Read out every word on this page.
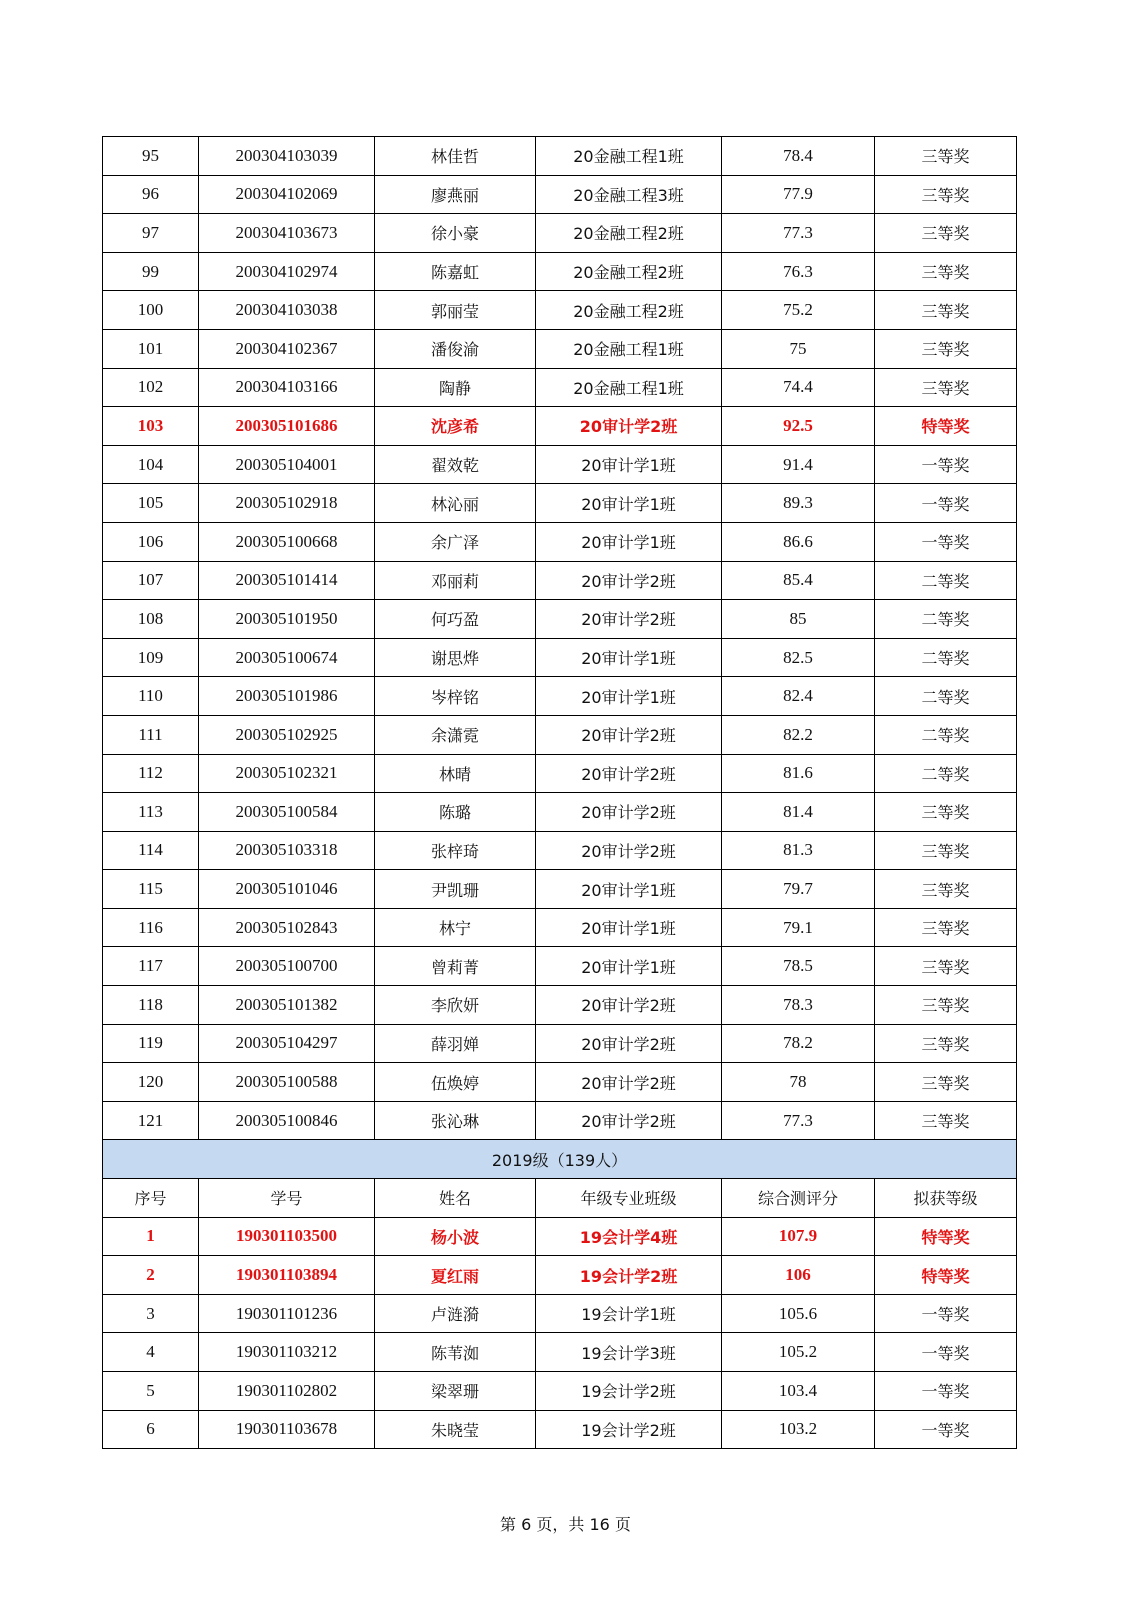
95	200304103039	林佳哲	20金融工程1班	78.4	三等奖
96	200304102069	廖燕丽	20金融工程3班	77.9	三等奖
97	200304103673	徐小豪	20金融工程2班	77.3	三等奖
99	200304102974	陈嘉虹	20金融工程2班	76.3	三等奖
100	200304103038	郭丽莹	20金融工程2班	75.2	三等奖
101	200304102367	潘俊渝	20金融工程1班	75	三等奖
102	200304103166	陶静	20金融工程1班	74.4	三等奖
103	200305101686	沈彦希	20审计学2班	92.5	特等奖
104	200305104001	翟效乾	20审计学1班	91.4	一等奖
105	200305102918	林沁丽	20审计学1班	89.3	一等奖
106	200305100668	余广泽	20审计学1班	86.6	一等奖
107	200305101414	邓丽莉	20审计学2班	85.4	二等奖
108	200305101950	何巧盈	20审计学2班	85	二等奖
109	200305100674	谢思烨	20审计学1班	82.5	二等奖
110	200305101986	岑梓铭	20审计学1班	82.4	二等奖
111	200305102925	余潇霓	20审计学2班	82.2	二等奖
112	200305102321	林晴	20审计学2班	81.6	二等奖
113	200305100584	陈璐	20审计学2班	81.4	三等奖
114	200305103318	张梓琦	20审计学2班	81.3	三等奖
115	200305101046	尹凯珊	20审计学1班	79.7	三等奖
116	200305102843	林宁	20审计学1班	79.1	三等奖
117	200305100700	曾莉菁	20审计学1班	78.5	三等奖
118	200305101382	李欣妍	20审计学2班	78.3	三等奖
119	200305104297	薛羽婵	20审计学2班	78.2	三等奖
120	200305100588	伍焕婷	20审计学2班	78	三等奖
121	200305100846	张沁琳	20审计学2班	77.3	三等奖
2019级（139人）					
序号	学号	姓名	年级专业班级	综合测评分	拟获等级
1	190301103500	杨小波	19会计学4班	107.9	特等奖
2	190301103894	夏红雨	19会计学2班	106	特等奖
3	190301101236	卢涟漪	19会计学1班	105.6	一等奖
4	190301103212	陈苇洳	19会计学3班	105.2	一等奖
5	190301102802	梁翠珊	19会计学2班	103.4	一等奖
6	190301103678	朱晓莹	19会计学2班	103.2	一等奖
第 6 页，共 16 页
